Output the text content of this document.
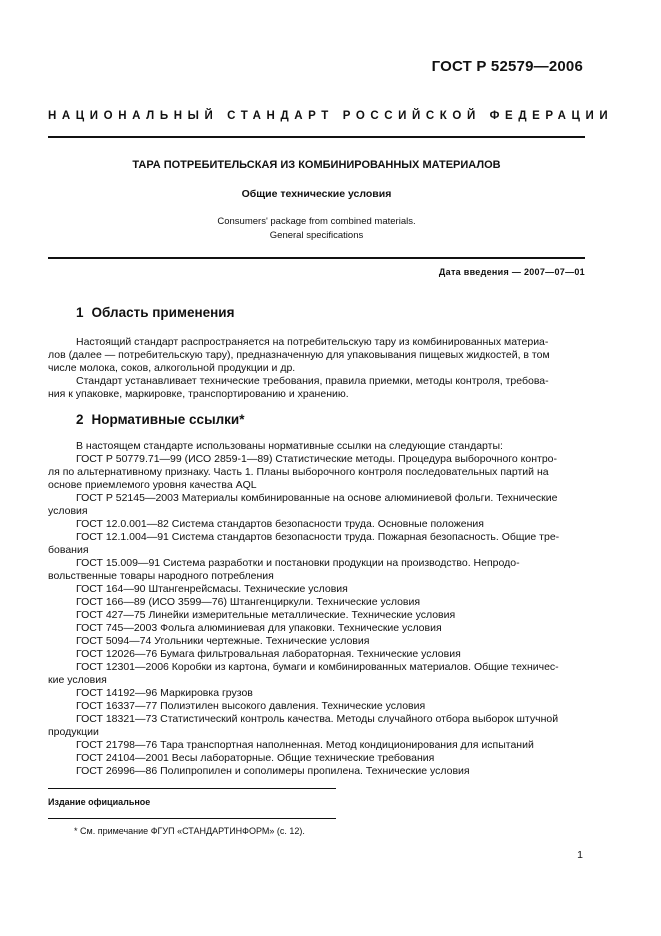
ГОСТ Р 52579—2006
НАЦИОНАЛЬНЫЙ СТАНДАРТ РОССИЙСКОЙ ФЕДЕРАЦИИ
ТАРА ПОТРЕБИТЕЛЬСКАЯ ИЗ КОМБИНИРОВАННЫХ МАТЕРИАЛОВ
Общие технические условия
Consumers' package from combined materials.
General specifications
Дата введения — 2007—07—01
1 Область применения
Настоящий стандарт распространяется на потребительскую тару из комбинированных материа-
лов (далее — потребительскую тару), предназначенную для упаковывания пищевых жидкостей, в том
числе молока, соков, алкогольной продукции и др.
Стандарт устанавливает технические требования, правила приемки, методы контроля, требова-
ния к упаковке, маркировке, транспортированию и хранению.
2 Нормативные ссылки*
В настоящем стандарте использованы нормативные ссылки на следующие стандарты:
ГОСТ Р 50779.71—99 (ИСО 2859-1—89) Статистические методы. Процедура выборочного контро-
ля по альтернативному признаку. Часть 1. Планы выборочного контроля последовательных партий на
основе приемлемого уровня качества AQL
ГОСТ Р 52145—2003 Материалы комбинированные на основе алюминиевой фольги. Технические
условия
ГОСТ 12.0.001—82 Система стандартов безопасности труда. Основные положения
ГОСТ 12.1.004—91 Система стандартов безопасности труда. Пожарная безопасность. Общие тре-
бования
ГОСТ 15.009—91 Система разработки и постановки продукции на производство. Непродо-
вольственные товары народного потребления
ГОСТ 164—90 Штангенрейсмасы. Технические условия
ГОСТ 166—89 (ИСО 3599—76) Штангенциркули. Технические условия
ГОСТ 427—75 Линейки измерительные металлические. Технические условия
ГОСТ 745—2003 Фольга алюминиевая для упаковки. Технические условия
ГОСТ 5094—74 Угольники чертежные. Технические условия
ГОСТ 12026—76 Бумага фильтровальная лабораторная. Технические условия
ГОСТ 12301—2006 Коробки из картона, бумаги и комбинированных материалов. Общие техничес-
кие условия
ГОСТ 14192—96 Маркировка грузов
ГОСТ 16337—77 Полиэтилен высокого давления. Технические условия
ГОСТ 18321—73 Статистический контроль качества. Методы случайного отбора выборок штучной
продукции
ГОСТ 21798—76 Тара транспортная наполненная. Метод кондиционирования для испытаний
ГОСТ 24104—2001 Весы лабораторные. Общие технические требования
ГОСТ 26996—86 Полипропилен и сополимеры пропилена. Технические условия
Издание официальное
* См. примечание ФГУП «СТАНДАРТИНФОРМ» (с. 12).
1
